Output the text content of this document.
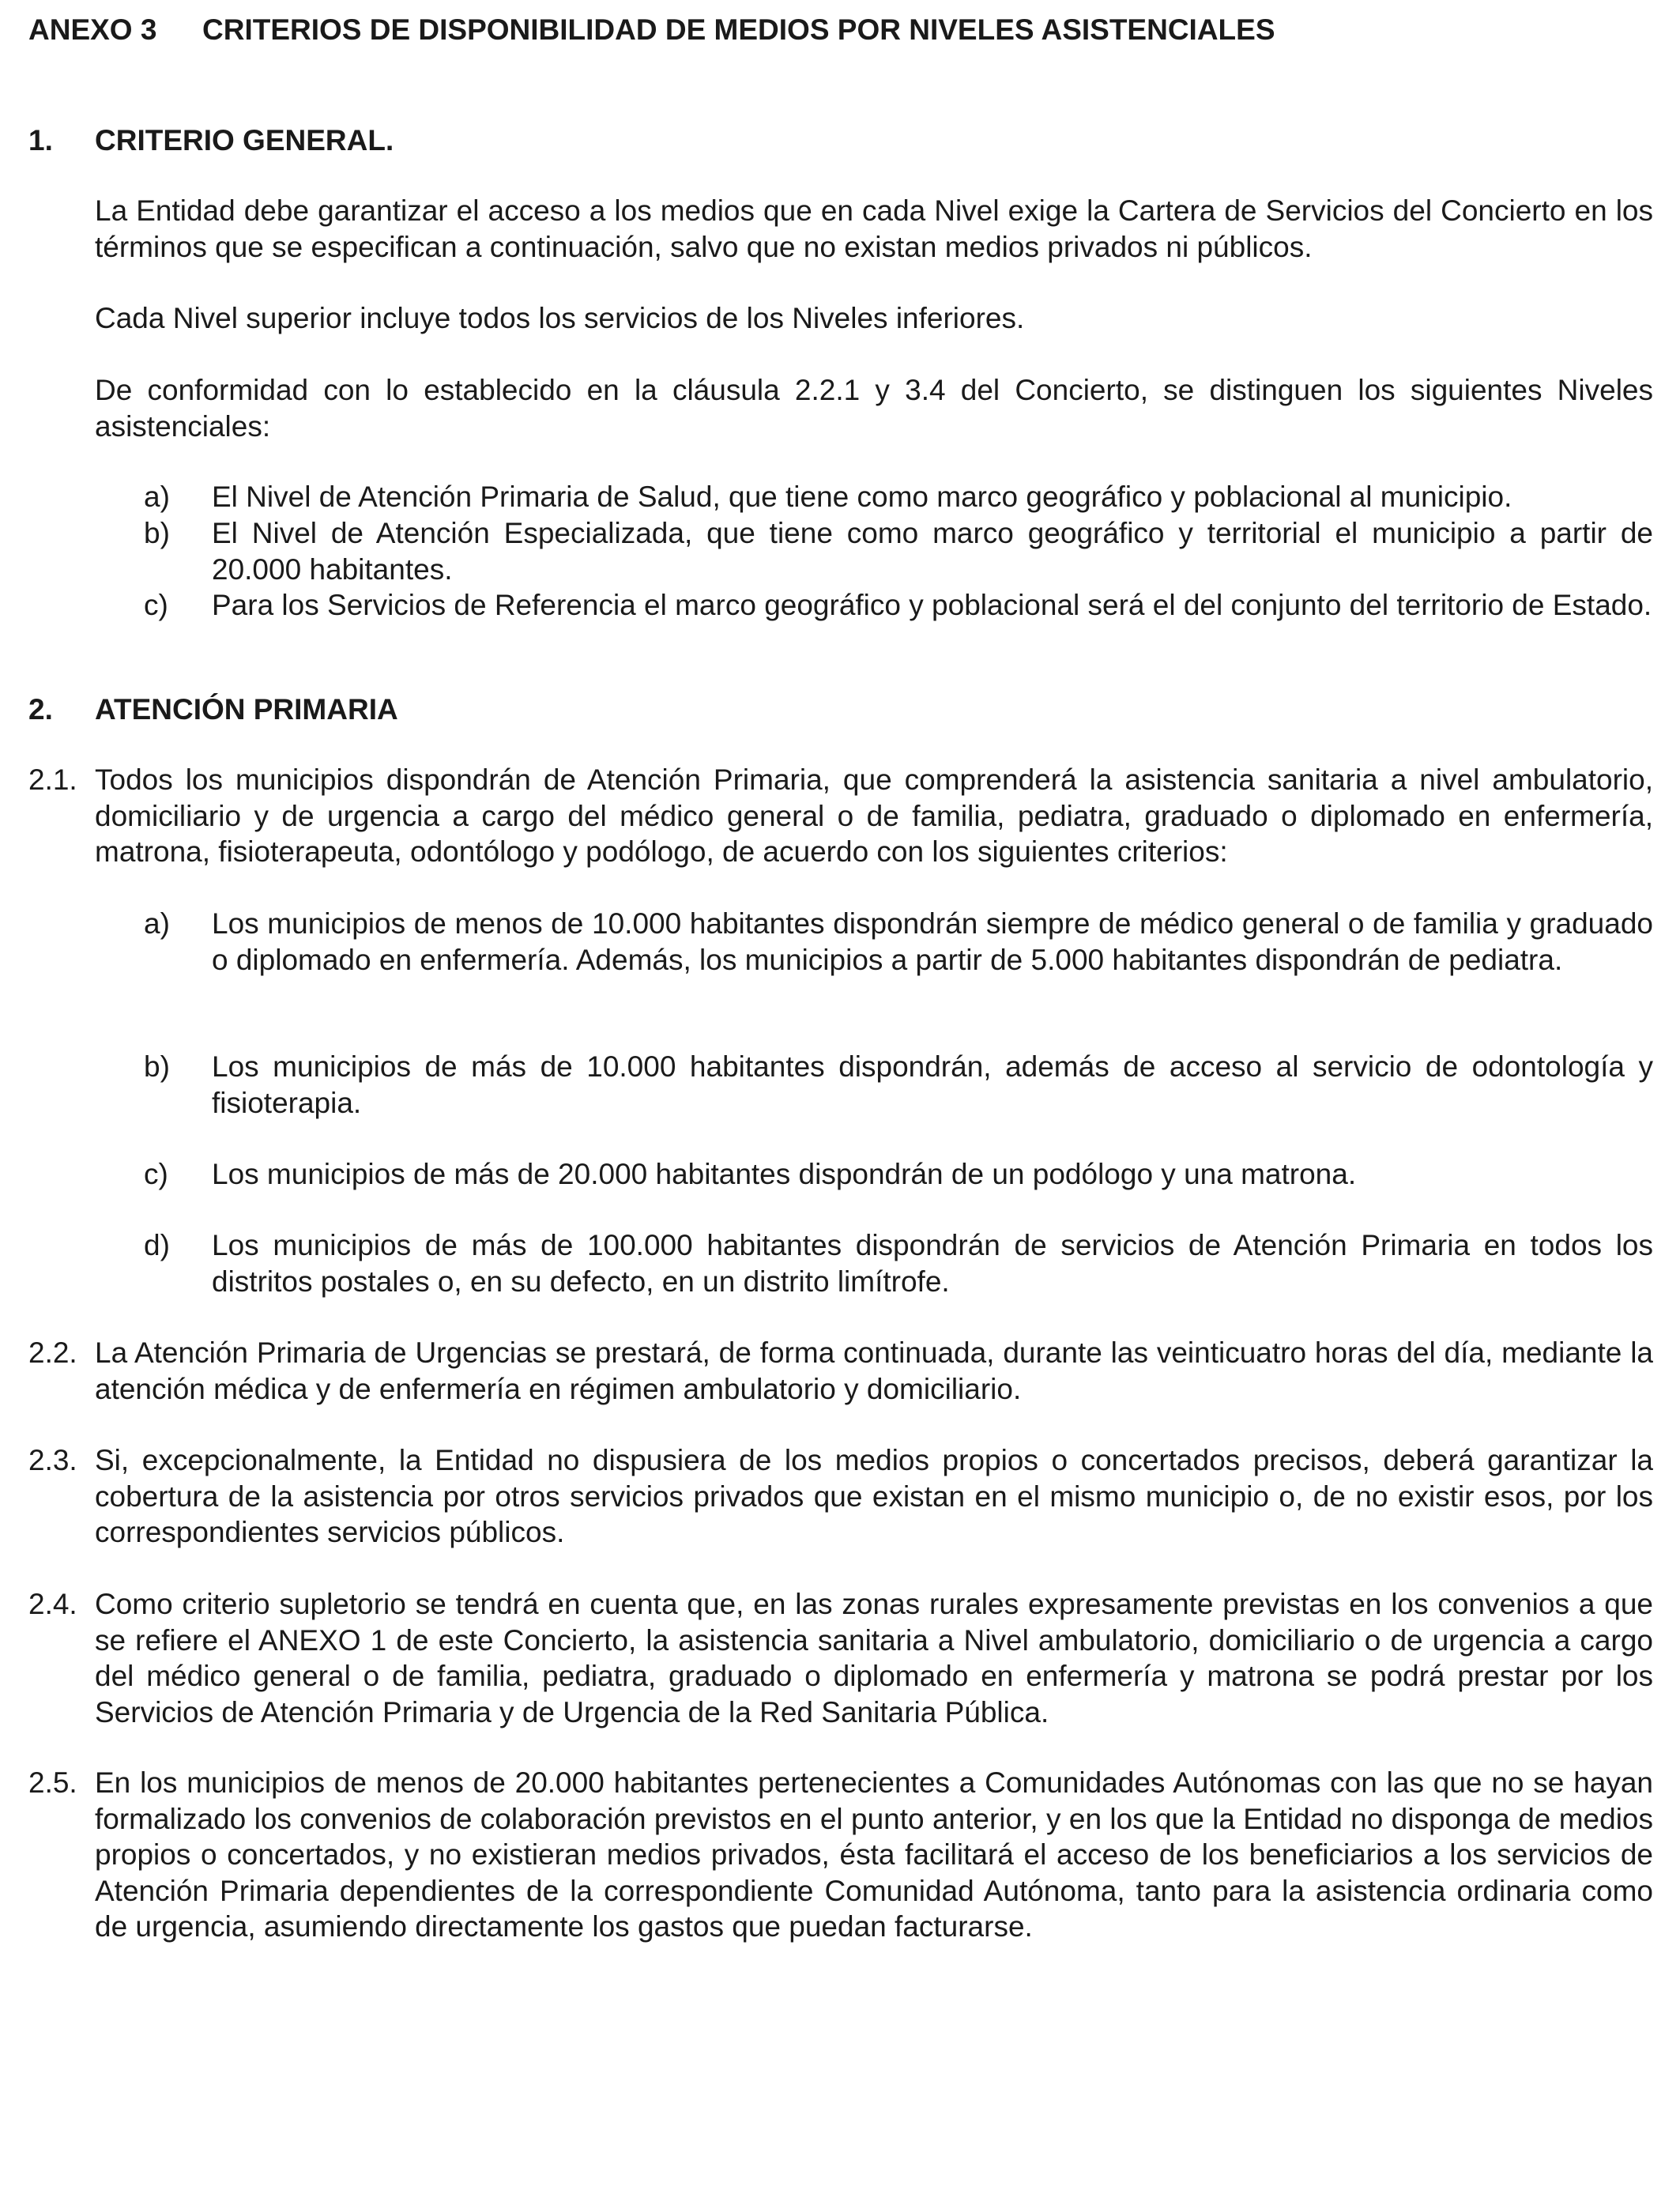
ANEXO 3 CRITERIOS DE DISPONIBILIDAD DE MEDIOS POR NIVELES ASISTENCIALES
1. CRITERIO GENERAL.

La Entidad debe garantizar el acceso a los medios que en cada Nivel exige la Cartera de Servicios del Concierto en los términos que se especifican a continuación, salvo que no existan medios privados ni públicos.

Cada Nivel superior incluye todos los servicios de los Niveles inferiores.

De conformidad con lo establecido en la cláusula 2.2.1 y 3.4 del Concierto, se distinguen los siguientes Niveles asistenciales:

a) El Nivel de Atención Primaria de Salud, que tiene como marco geográfico y poblacional al municipio.
b) El Nivel de Atención Especializada, que tiene como marco geográfico y territorial el municipio a partir de 20.000 habitantes.
c) Para los Servicios de Referencia el marco geográfico y poblacional será el del conjunto del territorio de Estado.
2. ATENCIÓN PRIMARIA
2.1. Todos los municipios dispondrán de Atención Primaria, que comprenderá la asistencia sanitaria a nivel ambulatorio, domiciliario y de urgencia a cargo del médico general o de familia, pediatra, graduado o diplomado en enfermería, matrona, fisioterapeuta, odontólogo y podólogo, de acuerdo con los siguientes criterios:
a) Los municipios de menos de 10.000 habitantes dispondrán siempre de médico general o de familia y graduado o diplomado en enfermería. Además, los municipios a partir de 5.000 habitantes dispondrán de pediatra.
b) Los municipios de más de 10.000 habitantes dispondrán, además de acceso al servicio de odontología y fisioterapia.
c) Los municipios de más de 20.000 habitantes dispondrán de un podólogo y una matrona.
d) Los municipios de más de 100.000 habitantes dispondrán de servicios de Atención Primaria en todos los distritos postales o, en su defecto, en un distrito limítrofe.
2.2. La Atención Primaria de Urgencias se prestará, de forma continuada, durante las veinticuatro horas del día, mediante la atención médica y de enfermería en régimen ambulatorio y domiciliario.
2.3. Si, excepcionalmente, la Entidad no dispusiera de los medios propios o concertados precisos, deberá garantizar la cobertura de la asistencia por otros servicios privados que existan en el mismo municipio o, de no existir esos, por los correspondientes servicios públicos.
2.4. Como criterio supletorio se tendrá en cuenta que, en las zonas rurales expresamente previstas en los convenios a que se refiere el ANEXO 1 de este Concierto, la asistencia sanitaria a Nivel ambulatorio, domiciliario o de urgencia a cargo del médico general o de familia, pediatra, graduado o diplomado en enfermería y matrona se podrá prestar por los Servicios de Atención Primaria y de Urgencia de la Red Sanitaria Pública.
2.5. En los municipios de menos de 20.000 habitantes pertenecientes a Comunidades Autónomas con las que no se hayan formalizado los convenios de colaboración previstos en el punto anterior, y en los que la Entidad no disponga de medios propios o concertados, y no existieran medios privados, ésta facilitará el acceso de los beneficiarios a los servicios de Atención Primaria dependientes de la correspondiente Comunidad Autónoma, tanto para la asistencia ordinaria como de urgencia, asumiendo directamente los gastos que puedan facturarse.
